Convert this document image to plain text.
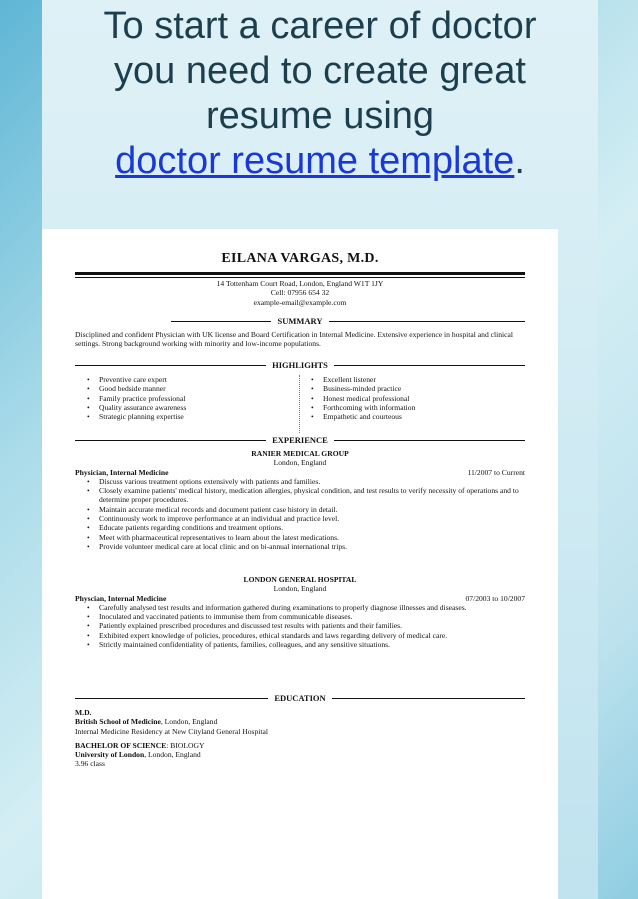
To start a career of doctor
you need to create great
resume using
doctor resume template.
EILANA VARGAS, M.D.
14 Tottenham Court Road, London, England W1T 1JY
Cell: 07956 654 32
example-email@example.com
SUMMARY
Disciplined and confident Physician with UK license and Board Certification in Internal Medicine. Extensive experience in hospital and clinical settings. Strong background working with minority and low-income populations.
HIGHLIGHTS
• Preventive care expert
• Good bedside manner
• Family practice professional
• Quality assurance awareness
• Strategic planning expertise
• Excellent listener
• Business-minded practice
• Honest medical professional
• Forthcoming with information
• Empathetic and courteous
EXPERIENCE
RANIER MEDICAL GROUP
London, England
Physician, Internal Medicine	11/2007 to Current
• Discuss various treatment options extensively with patients and families.
• Closely examine patients' medical history, medication allergies, physical condition, and test results to verify necessity of operations and to determine proper procedures.
• Maintain accurate medical records and document patient case history in detail.
• Continuously work to improve performance at an individual and practice level.
• Educate patients regarding conditions and treatment options.
• Meet with pharmaceutical representatives to learn about the latest medications.
• Provide volunteer medical care at local clinic and on bi-annual international trips.
LONDON GENERAL HOSPITAL
London, England
Physcian, Internal Medicine	07/2003 to 10/2007
• Carefully analysed test results and information gathered during examinations to properly diagnose illnesses and diseases.
• Inoculated and vaccinated patients to immunise them from communicable diseases.
• Patiently explained prescribed procedures and discussed test results with patients and their families.
• Exhibited expert knowledge of policies, procedures, ethical standards and laws regarding delivery of medical care.
• Strictly maintained confidentiality of patients, families, colleagues, and any sensitive situations.
EDUCATION
M.D.
British School of Medicine, London, England
Internal Medicine Residency at New Cityland General Hospital
BACHELOR OF SCIENCE: BIOLOGY
University of London, London, England
3.96 class
